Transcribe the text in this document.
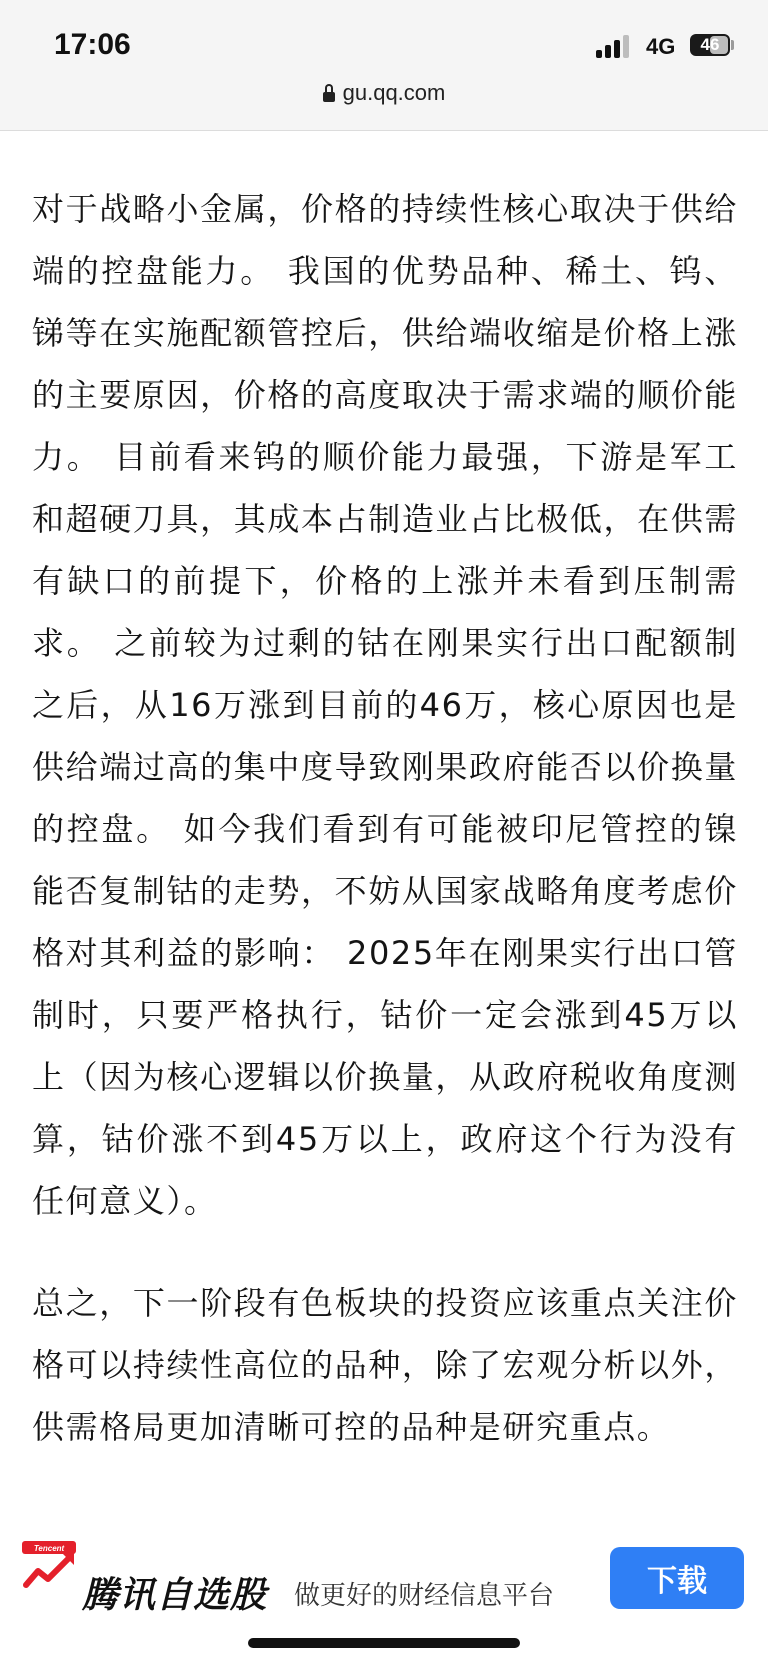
17:06	4G	46
gu.qq.com

对于战略小金属，价格的持续性核心取决于供给端的控盘能力。 我国的优势品种、稀土、钨、锑等在实施配额管控后，供给端收缩是价格上涨的主要原因，价格的高度取决于需求端的顺价能力。 目前看来钨的顺价能力最强，下游是军工和超硬刀具，其成本占制造业占比极低，在供需有缺口的前提下，价格的上涨并未看到压制需求。 之前较为过剩的钴在刚果实行出口配额制之后，从16万涨到目前的46万，核心原因也是供给端过高的集中度导致刚果政府能否以价换量的控盘。 如今我们看到有可能被印尼管控的镍能否复制钴的走势，不妨从国家战略角度考虑价格对其利益的影响： 2025年在刚果实行出口管制时，只要严格执行，钴价一定会涨到45万以上（因为核心逻辑以价换量，从政府税收角度测算，钴价涨不到45万以上，政府这个行为没有任何意义）。

总之，下一阶段有色板块的投资应该重点关注价格可以持续性高位的品种，除了宏观分析以外，供需格局更加清晰可控的品种是研究重点。

Tencent
腾讯自选股 做更好的财经信息平台	下载
